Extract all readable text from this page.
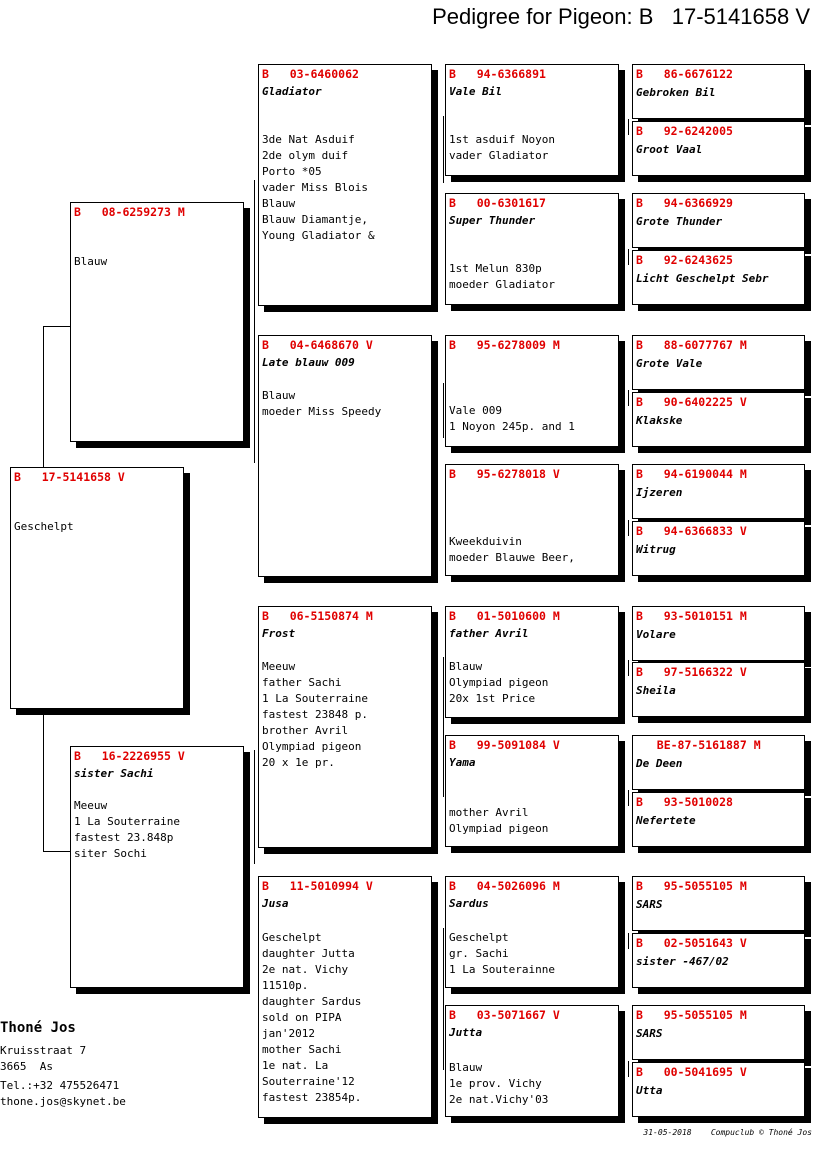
Pedigree for Pigeon: B   17-5141658 V
B   17-5141658 V
Geschelpt
B   08-6259273 M
Blauw
B   16-2226955 V
sister Sachi
Meeuw
1 La Souterraine
fastest 23.848p
siter Sochi
B   03-6460062
Gladiator
3de Nat Asduif
2de olym duif
Porto *05
vader Miss Blois
Blauw
Blauw Diamantje,
Young Gladiator &
B   04-6468670 V
Late blauw 009
Blauw
moeder Miss Speedy
B   06-5150874 M
Frost
Meeuw
father Sachi
1 La Souterraine
fastest 23848 p.
brother Avril
Olympiad pigeon
20 x 1e pr.
B   11-5010994 V
Jusa
Geschelpt
daughter Jutta
2e nat. Vichy
11510p.
daughter Sardus
sold on PIPA
jan'2012
mother Sachi
1e nat. La
Souterraine'12
fastest 23854p.
B   94-6366891
Vale Bil
1st asduif Noyon
vader Gladiator
B   00-6301617
Super Thunder
1st Melun 830p
moeder Gladiator
B   95-6278009 M
Vale 009
1 Noyon 245p. and 1
B   95-6278018 V
Kweekduivin
moeder Blauwe Beer,
B   01-5010600 M
father Avril
Blauw
Olympiad pigeon
20x 1st Price
B   99-5091084 V
Yama
mother Avril
Olympiad pigeon
B   04-5026096 M
Sardus
Geschelpt
gr. Sachi
1 La Souterainne
B   03-5071667 V
Jutta
Blauw
1e prov. Vichy
2e nat.Vichy'03
B   86-6676122
Gebroken Bil
B   92-6242005
Groot Vaal
B   94-6366929
Grote Thunder
B   92-6243625
Licht Geschelpt Sebr
B   88-6077767 M
Grote Vale
B   90-6402225 V
Klakske
B   94-6190044 M
Ijzeren
B   94-6366833 V
Witrug
B   93-5010151 M
Volare
B   97-5166322 V
Sheila
BE-87-5161887 M
De Deen
B   93-5010028
Nefertete
B   95-5055105 M
SARS
B   02-5051643 V
sister -467/02
B   95-5055105 M
SARS
B   00-5041695 V
Utta
Thoné Jos
Kruisstraat 7
3665  As
Tel.:+32 475526471
thone.jos@skynet.be
31-05-2018    Compuclub © Thoné Jos
